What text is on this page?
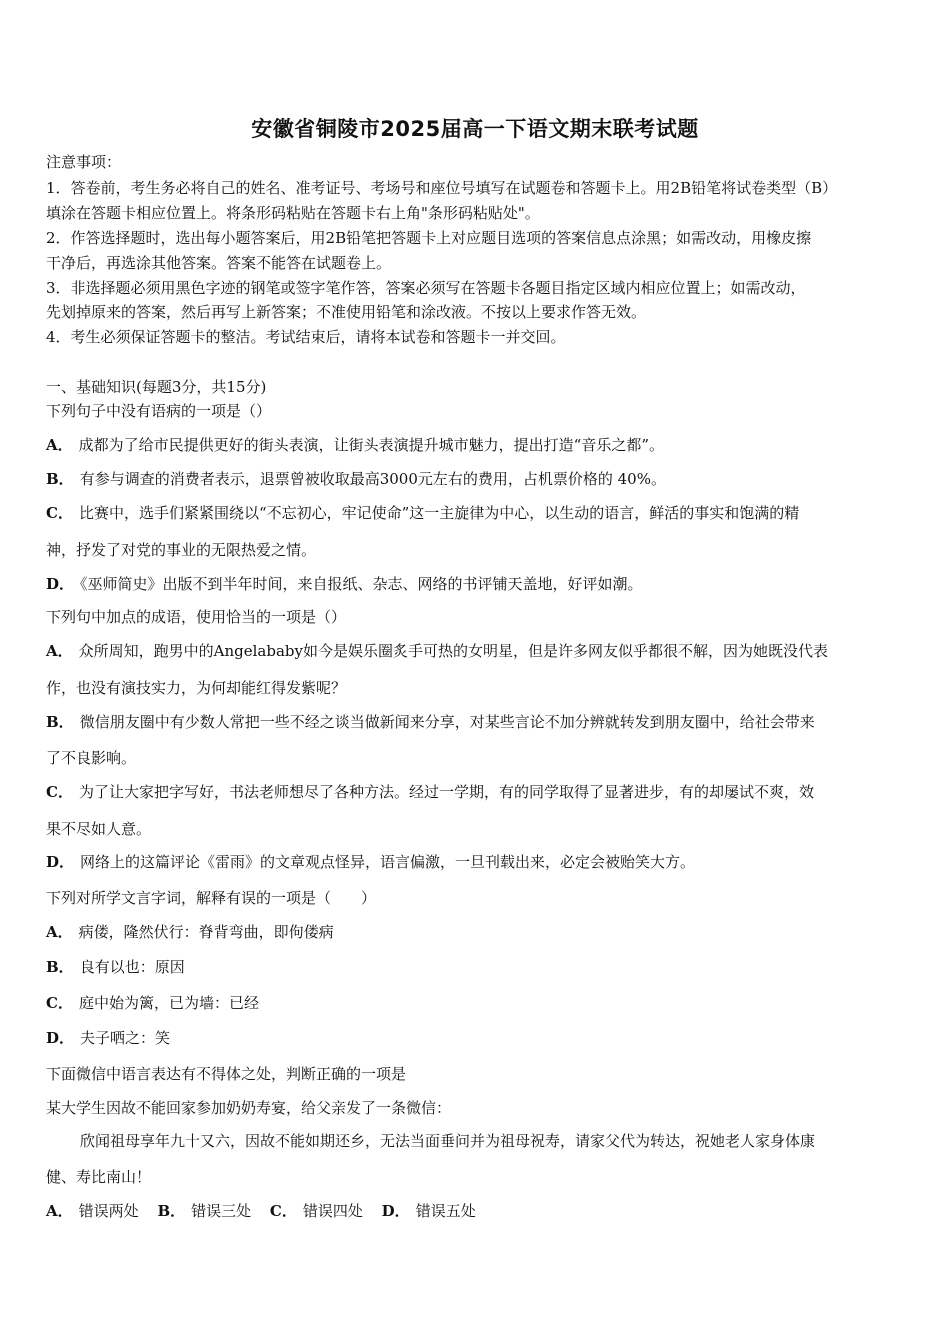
安徽省铜陵市2025届高一下语文期末联考试题
注意事项：
1．答卷前，考生务必将自己的姓名、准考证号、考场号和座位号填写在试题卷和答题卡上。用2B铅笔将试卷类型（B）
填涂在答题卡相应位置上。将条形码粘贴在答题卡右上角"条形码粘贴处"。
2．作答选择题时，选出每小题答案后，用2B铅笔把答题卡上对应题目选项的答案信息点涂黑；如需改动，用橡皮擦
干净后，再选涂其他答案。答案不能答在试题卷上。
3．非选择题必须用黑色字迹的钢笔或签字笔作答，答案必须写在答题卡各题目指定区域内相应位置上；如需改动，
先划掉原来的答案，然后再写上新答案；不准使用铅笔和涂改液。不按以上要求作答无效。
4．考生必须保证答题卡的整洁。考试结束后，请将本试卷和答题卡一并交回。
一、基础知识(每题3分，共15分)
下列句子中没有语病的一项是（）
A． 成都为了给市民提供更好的街头表演，让街头表演提升城市魅力，提出打造“音乐之都”。
B． 有参与调查的消费者表示，退票曾被收取最高3000元左右的费用，占机票价格的 40%。
C． 比赛中，选手们紧紧围绕以“不忘初心，牢记使命”这一主旋律为中心，以生动的语言，鲜活的事实和饱满的精
神，抒发了对党的事业的无限热爱之情。
D． 《巫师简史》出版不到半年时间，来自报纸、杂志、网络的书评铺天盖地，好评如潮。
下列句中加点的成语，使用恰当的一项是（）
A． 众所周知，跑男中的Angelababy如今是娱乐圈炙手可热的女明星，但是许多网友似乎都很不解，因为她既没代表
作，也没有演技实力，为何却能红得发紫呢？
B． 微信朋友圈中有少数人常把一些不经之谈当做新闻来分享，对某些言论不加分辨就转发到朋友圈中，给社会带来
了不良影响。
C． 为了让大家把字写好，书法老师想尽了各种方法。经过一学期，有的同学取得了显著进步，有的却屡试不爽，效
果不尽如人意。
D． 网络上的这篇评论《雷雨》的文章观点怪异，语言偏激，一旦刊载出来，必定会被贻笑大方。
下列对所学文言字词，解释有误的一项是（　　）
A． 病偻，隆然伏行：脊背弯曲，即佝偻病
B． 良有以也：原因
C． 庭中始为篱，已为墙：已经
D． 夫子哂之：笑
下面微信中语言表达有不得体之处，判断正确的一项是
某大学生因故不能回家参加奶奶寿宴，给父亲发了一条微信：
欣闻祖母享年九十又六，因故不能如期还乡，无法当面垂问并为祖母祝寿，请家父代为转达，祝她老人家身体康
健、寿比南山！
A． 错误两处 B． 错误三处 C． 错误四处 D． 错误五处
